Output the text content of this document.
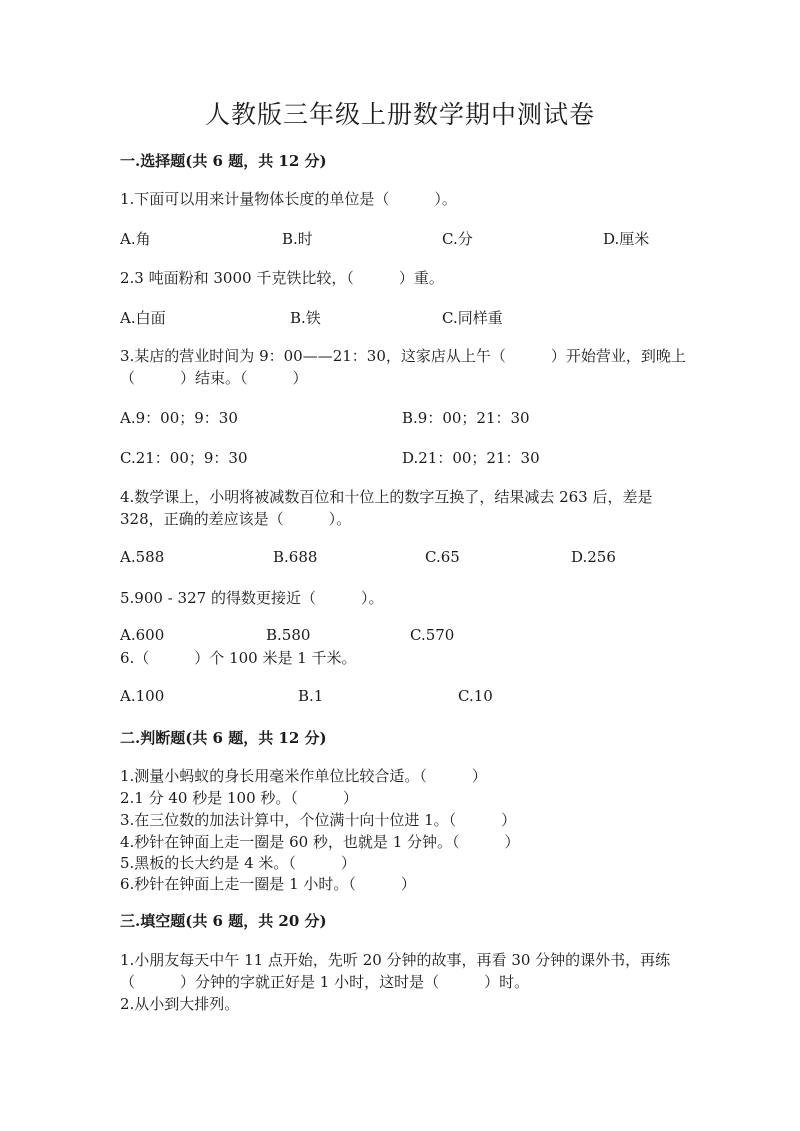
人教版三年级上册数学期中测试卷
一.选择题(共 6 题，共 12 分)
1.下面可以用来计量物体长度的单位是（　　　）。
A.角	B.时	C.分	D.厘米
2.3 吨面粉和 3000 千克铁比较，（　　　）重。
A.白面	B.铁	C.同样重
3.某店的营业时间为 9：00——21：30，这家店从上午（　　　）开始营业，到晚上（　　　）结束。（　　　）
A.9：00；9：30	B.9：00；21：30
C.21：00；9：30	D.21：00；21：30
4.数学课上，小明将被减数百位和十位上的数字互换了，结果减去 263 后，差是 328，正确的差应该是（　　　）。
A.588	B.688	C.65	D.256
5.900 - 327 的得数更接近（　　　）。
A.600	B.580	C.570
6.（　　　）个 100 米是 1 千米。
A.100	B.1	C.10
二.判断题(共 6 题，共 12 分)
1.测量小蚂蚁的身长用毫米作单位比较合适。（　　　）
2.1 分 40 秒是 100 秒。（　　　）
3.在三位数的加法计算中，个位满十向十位进 1。（　　　）
4.秒针在钟面上走一圈是 60 秒，也就是 1 分钟。（　　　）
5.黑板的长大约是 4 米。（　　　）
6.秒针在钟面上走一圈是 1 小时。（　　　）
三.填空题(共 6 题，共 20 分)
1.小朋友每天中午 11 点开始，先听 20 分钟的故事，再看 30 分钟的课外书，再练（　　　）分钟的字就正好是 1 小时，这时是（　　　）时。
2.从小到大排列。
